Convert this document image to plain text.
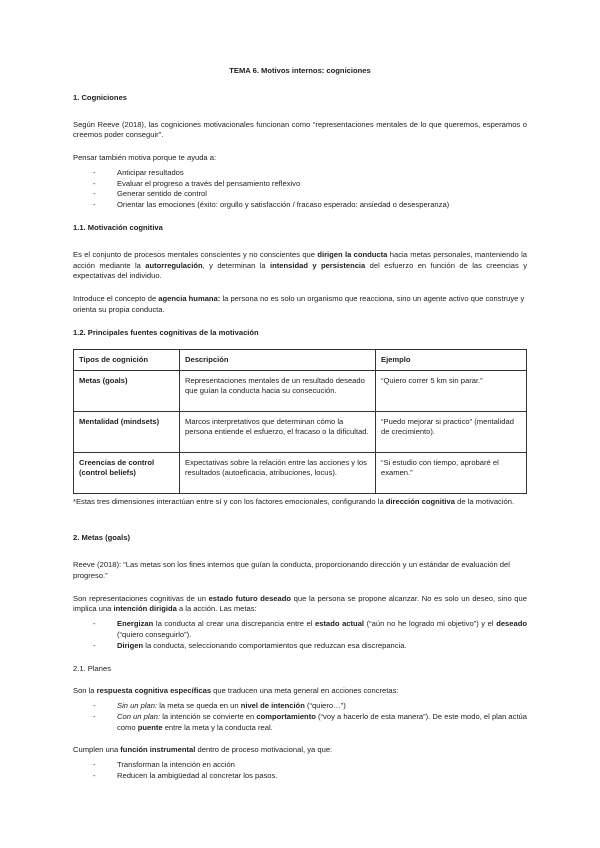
TEMA 6. Motivos internos: cogniciones
1. Cogniciones

Según Reeve (2018), las cogniciones motivacionales funcionan como “representaciones mentales de lo que queremos, esperamos o creemos poder conseguir”.

Pensar también motiva porque te ayuda a:

- Anticipar resultados
- Evaluar el progreso a través del pensamiento reflexivo
- Generar sentido de control
- Orientar las emociones (éxito: orgullo y satisfacción / fracaso esperado: ansiedad o desesperanza)
1.1. Motivación cognitiva

Es el conjunto de procesos mentales conscientes y no conscientes que dirigen la conducta hacia metas personales, manteniendo la acción mediante la autorregulación, y determinan la intensidad y persistencia del esfuerzo en función de las creencias y expectativas del individuo.

Introduce el concepto de agencia humana: la persona no es solo un organismo que reacciona, sino un agente activo que construye y orienta su propia conducta.

1.2. Principales fuentes cognitivas de la motivación
Tipos de cognición	Descripción	Ejemplo
Metas (goals)	Representaciones mentales de un resultado deseado que guían la conducta hacia su consecución.	“Quiero correr 5 km sin parar.”
Mentalidad (mindsets)	Marcos interpretativos que determinan cómo la persona entiende el esfuerzo, el fracaso o la dificultad.	“Puedo mejorar si practico” (mentalidad de crecimiento).
Creencias de control (control beliefs)	Expectativas sobre la relación entre las acciones y los resultados (autoeficacia, atribuciones, locus).	“Si estudio con tiempo, aprobaré el examen.”

*Estas tres dimensiones interactúan entre sí y con los factores emocionales, configurando la dirección cognitiva de la motivación.

2. Metas (goals)

Reeve (2018): “Las metas son los fines internos que guían la conducta, proporcionando dirección y un estándar de evaluación del progreso.”

Son representaciones cognitivas de un estado futuro deseado que la persona se propone alcanzar. No es solo un deseo, sino que implica una intención dirigida a la acción. Las metas:

- Energizan la conducta al crear una discrepancia entre el estado actual (“aún no he logrado mi objetivo”) y el deseado (“quiero conseguirlo”).
- Dirigen la conducta, seleccionando comportamientos que reduzcan esa discrepancia.

2.1. Planes

Son la respuesta cognitiva específicas que traducen una meta general en acciones concretas:

- Sin un plan: la meta se queda en un nivel de intención (“quiero…”)
- Con un plan: la intención se convierte en comportamiento (“voy a hacerlo de esta manera”). De este modo, el plan actúa como puente entre la meta y la conducta real.

Cumplen una función instrumental dentro de proceso motivacional, ya que:

- Transforman la intención en acción
- Reducen la ambigüedad al concretar los pasos.
